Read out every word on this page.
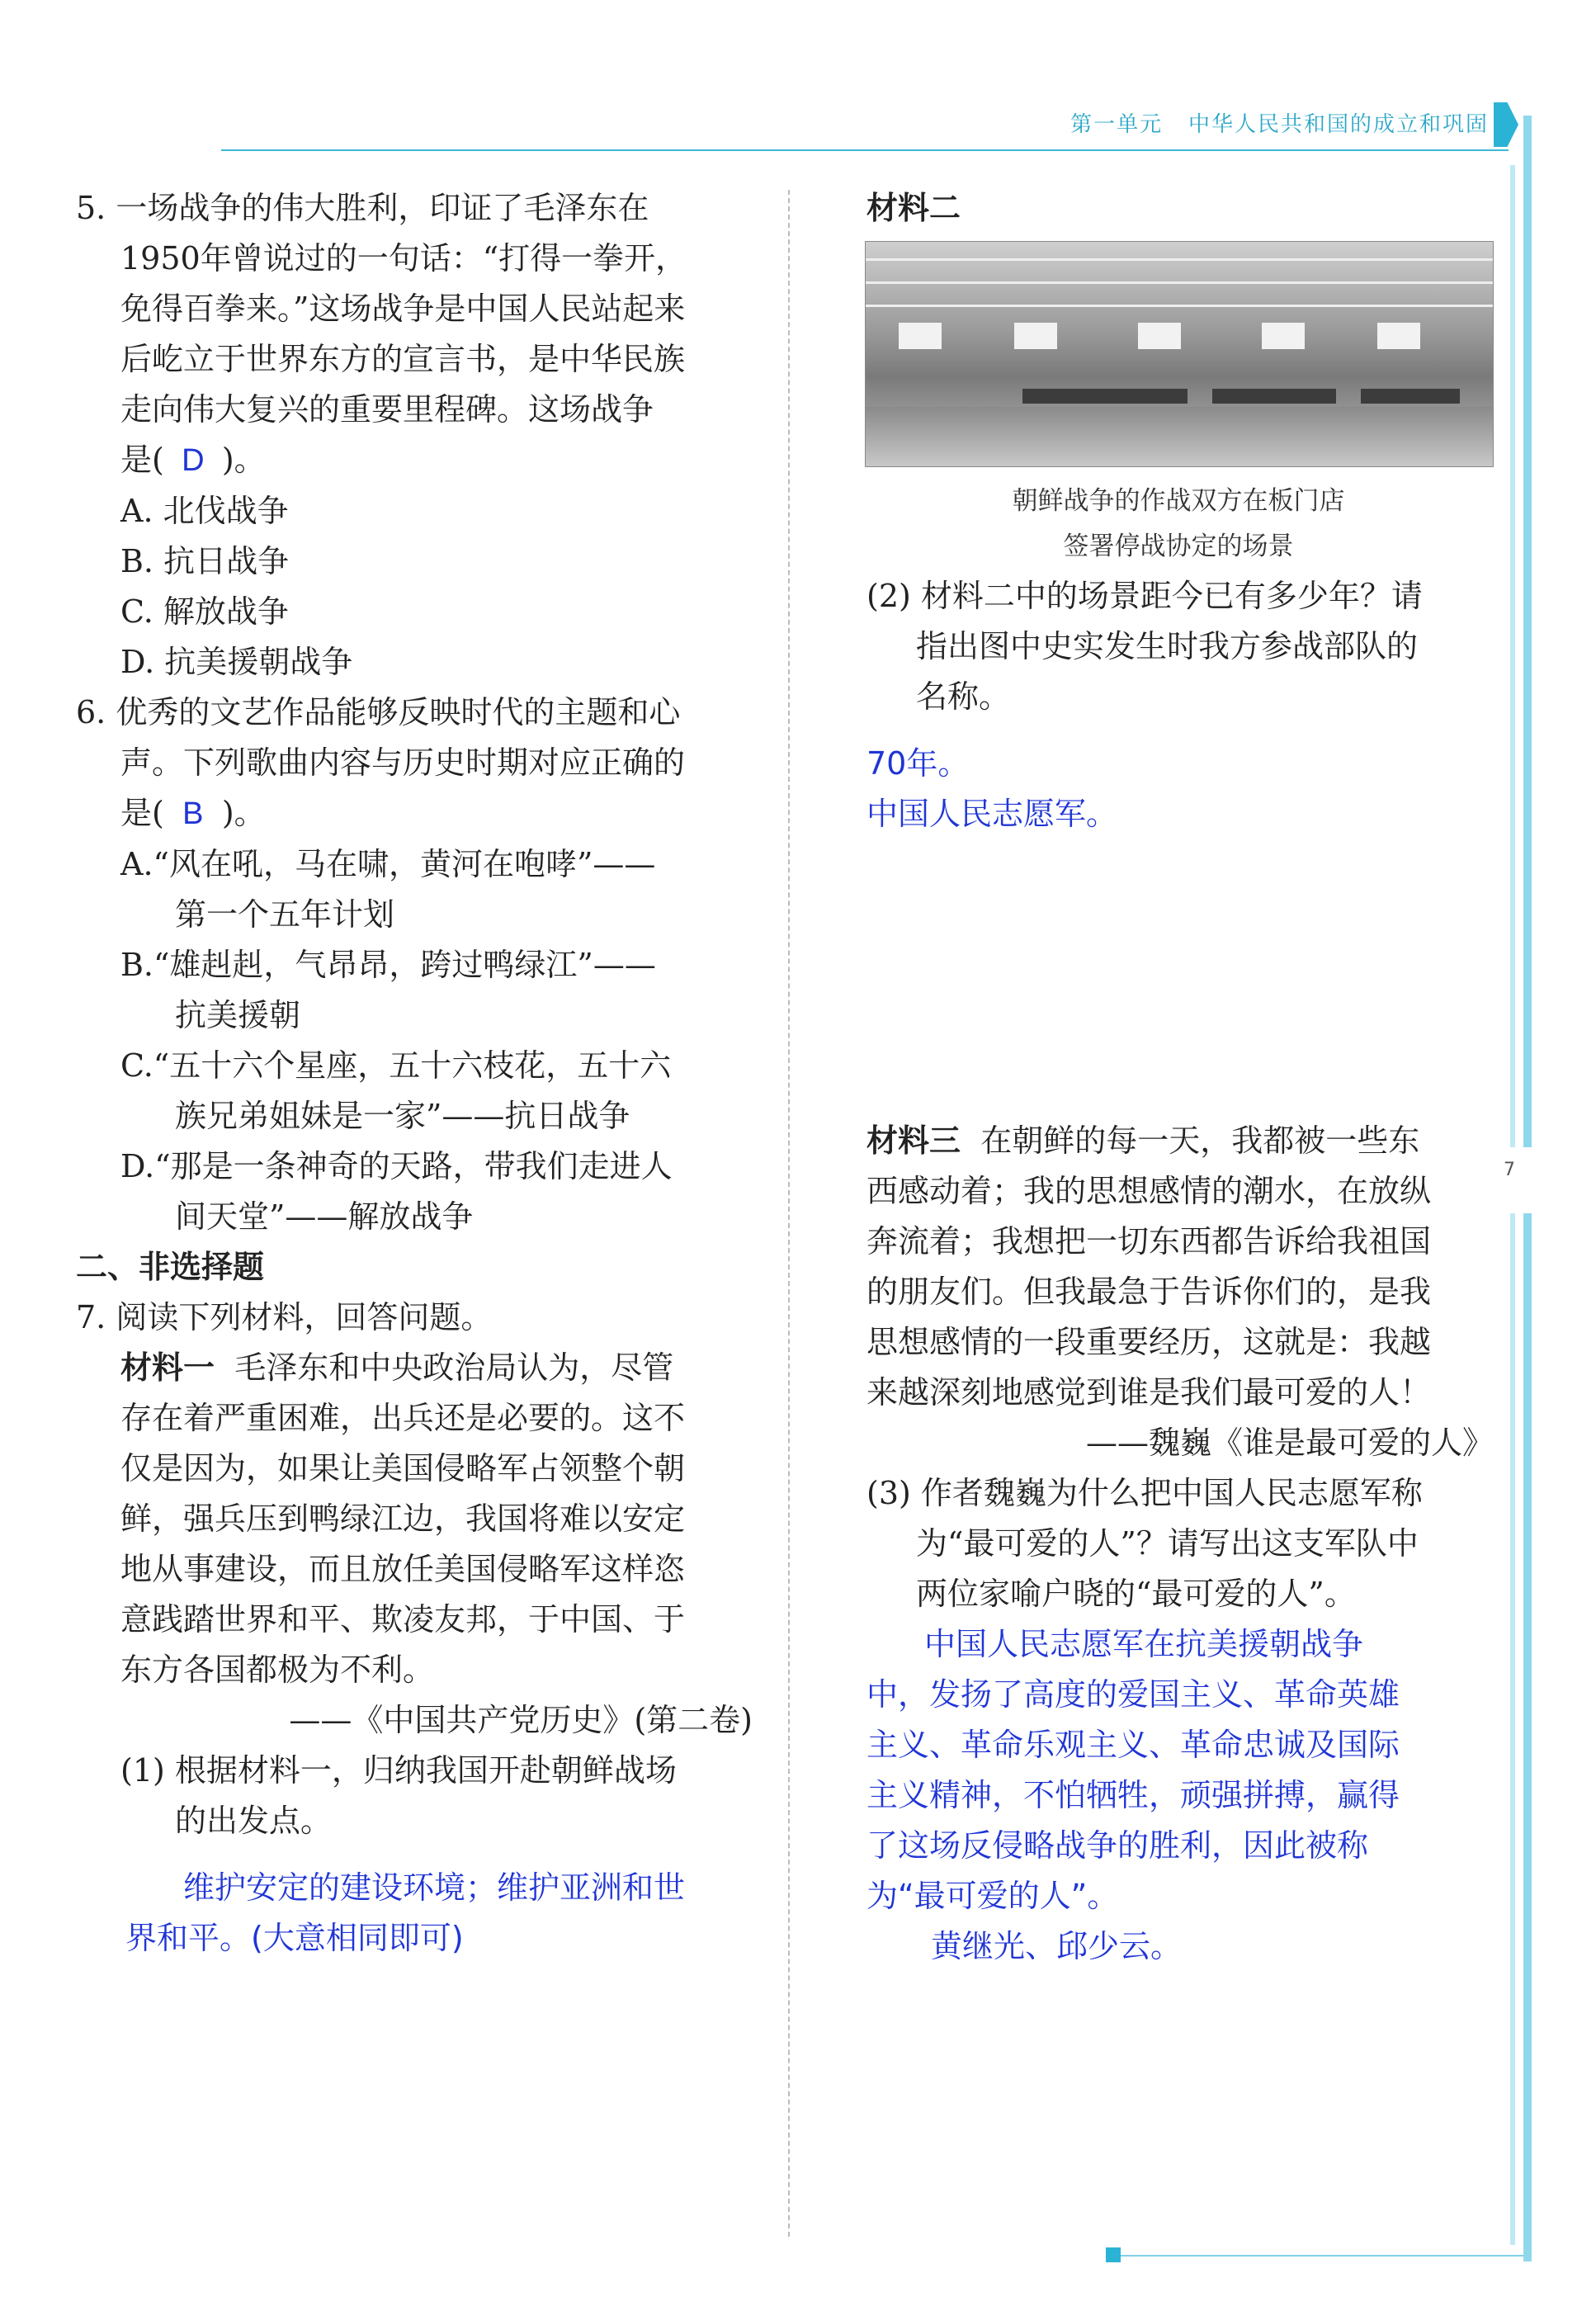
第一单元 中华人民共和国的成立和巩固
7
5. 一场战争的伟大胜利，印证了毛泽东在
1950年曾说过的一句话：“打得一拳开，
免得百拳来。”这场战争是中国人民站起来
后屹立于世界东方的宣言书，是中华民族
走向伟大复兴的重要里程碑。这场战争
是( D )。
A. 北伐战争
B. 抗日战争
C. 解放战争
D. 抗美援朝战争
6. 优秀的文艺作品能够反映时代的主题和心
声。下列歌曲内容与历史时期对应正确的
是( B )。
A.“风在吼，马在啸，黄河在咆哮”——
第一个五年计划
B.“雄赳赳，气昂昂，跨过鸭绿江”——
抗美援朝
C.“五十六个星座，五十六枝花，五十六
族兄弟姐妹是一家”——抗日战争
D.“那是一条神奇的天路，带我们走进人
间天堂”——解放战争
二、非选择题
7. 阅读下列材料，回答问题。
材料一 毛泽东和中央政治局认为，尽管
存在着严重困难，出兵还是必要的。这不
仅是因为，如果让美国侵略军占领整个朝
鲜，强兵压到鸭绿江边，我国将难以安定
地从事建设，而且放任美国侵略军这样恣
意践踏世界和平、欺凌友邦，于中国、于
东方各国都极为不利。
——《中国共产党历史》(第二卷)
(1) 根据材料一，归纳我国开赴朝鲜战场
的出发点。
维护安定的建设环境；维护亚洲和世
界和平。(大意相同即可)
材料二
朝鲜战争的作战双方在板门店
签署停战协定的场景
(2) 材料二中的场景距今已有多少年？请
指出图中史实发生时我方参战部队的
名称。
70年。
中国人民志愿军。
材料三 在朝鲜的每一天，我都被一些东
西感动着；我的思想感情的潮水，在放纵
奔流着；我想把一切东西都告诉给我祖国
的朋友们。但我最急于告诉你们的，是我
思想感情的一段重要经历，这就是：我越
来越深刻地感觉到谁是我们最可爱的人！
——魏巍《谁是最可爱的人》
(3) 作者魏巍为什么把中国人民志愿军称
为“最可爱的人”？请写出这支军队中
两位家喻户晓的“最可爱的人”。
中国人民志愿军在抗美援朝战争
中，发扬了高度的爱国主义、革命英雄
主义、革命乐观主义、革命忠诚及国际
主义精神，不怕牺牲，顽强拼搏，赢得
了这场反侵略战争的胜利，因此被称
为“最可爱的人”。
黄继光、邱少云。
